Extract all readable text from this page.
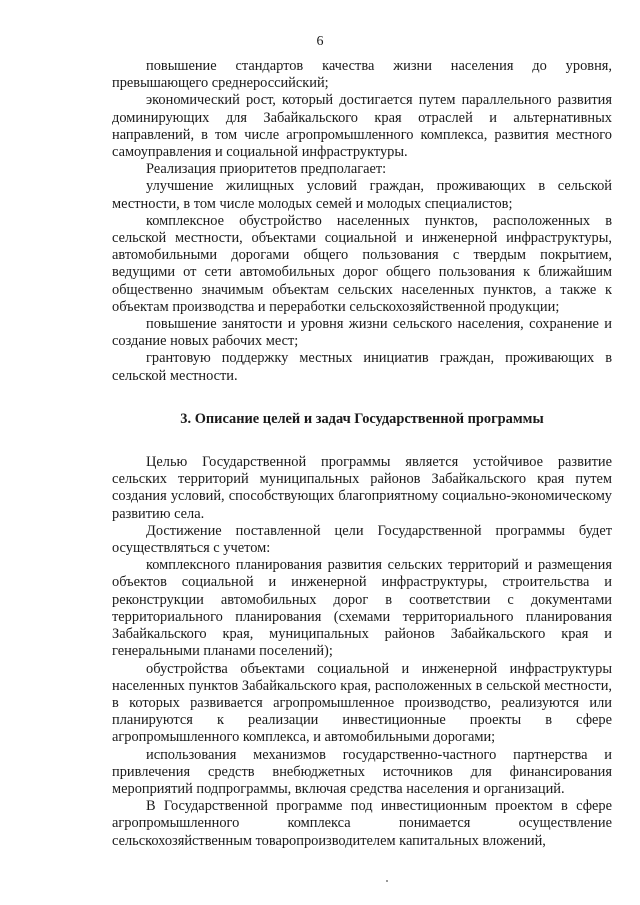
6

повышение стандартов качества жизни населения до уровня, превышающего среднероссийский;

экономический рост, который достигается путем параллельного развития доминирующих для Забайкальского края отраслей и альтернативных направлений, в том числе агропромышленного комплекса, развития местного самоуправления и социальной инфраструктуры.

Реализация приоритетов предполагает:

улучшение жилищных условий граждан, проживающих в сельской местности, в том числе молодых семей и молодых специалистов;

комплексное обустройство населенных пунктов, расположенных в сельской местности, объектами социальной и инженерной инфраструктуры, автомобильными дорогами общего пользования с твердым покрытием, ведущими от сети автомобильных дорог общего пользования к ближайшим общественно значимым объектам сельских населенных пунктов, а также к объектам производства и переработки сельскохозяйственной продукции;

повышение занятости и уровня жизни сельского населения, сохранение и создание новых рабочих мест;

грантовую поддержку местных инициатив граждан, проживающих в сельской местности.

3. Описание целей и задач Государственной программы

Целью Государственной программы является устойчивое развитие сельских территорий муниципальных районов Забайкальского края путем создания условий, способствующих благоприятному социально-экономическому развитию села.

Достижение поставленной цели Государственной программы будет осуществляться с учетом:

комплексного планирования развития сельских территорий и размещения объектов социальной и инженерной инфраструктуры, строительства и реконструкции автомобильных дорог в соответствии с документами территориального планирования (схемами территориального планирования Забайкальского края, муниципальных районов Забайкальского края и генеральными планами поселений);

обустройства объектами социальной и инженерной инфраструктуры населенных пунктов Забайкальского края, расположенных в сельской местности, в которых развивается агропромышленное производство, реализуются или планируются к реализации инвестиционные проекты в сфере агропромышленного комплекса, и автомобильными дорогами;

использования механизмов государственно-частного партнерства и привлечения средств внебюджетных источников для финансирования мероприятий подпрограммы, включая средства населения и организаций.

В Государственной программе под инвестиционным проектом в сфере агропромышленного комплекса понимается осуществление сельскохозяйственным товаропроизводителем капитальных вложений,
